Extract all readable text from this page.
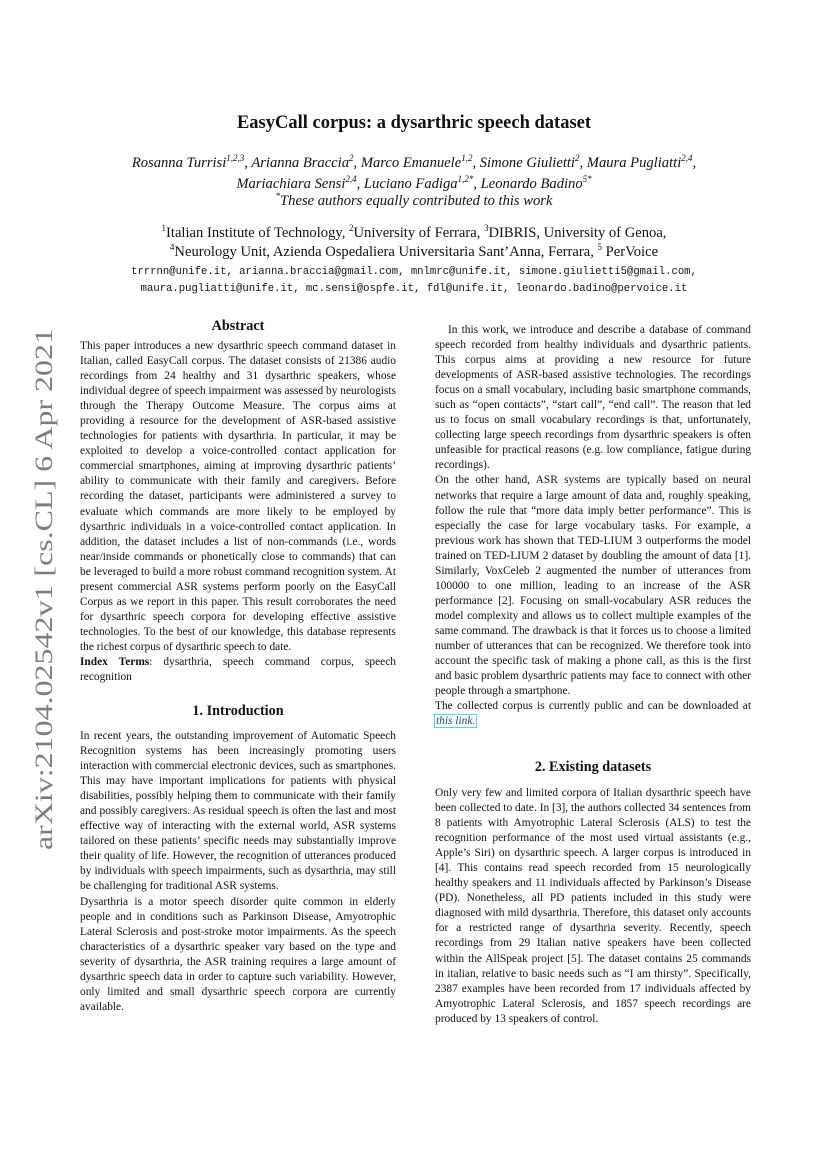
arXiv:2104.02542v1 [cs.CL] 6 Apr 2021
EasyCall corpus: a dysarthric speech dataset
Rosanna Turrisi$^{1,2,3}$, Arianna Braccia$^2$, Marco Emanuele$^{1,2}$, Simone Giulietti$^2$, Maura Pugliatti$^{2,4}$,
Mariachiara Sensi$^{2,4}$, Luciano Fadiga$^{1,2*}$, Leonardo Badino$^{5*}$
*These authors equally contributed to this work
$^1$Italian Institute of Technology, $^2$University of Ferrara, $^3$DIBRIS, University of Genoa,
$^4$Neurology Unit, Azienda Ospedaliera Universitaria Sant’Anna, Ferrara, $^5$ PerVoice
trrrnn@unife.it, arianna.braccia@gmail.com, mnlmrc@unife.it, simone.giulietti5@gmail.com,
maura.pugliatti@unife.it, mc.sensi@ospfe.it, fdl@unife.it, leonardo.badino@pervoice.it
Abstract

This paper introduces a new dysarthric speech command dataset in Italian, called EasyCall corpus. The dataset consists of 21386 audio recordings from 24 healthy and 31 dysarthric speakers, whose individual degree of speech impairment was assessed by neurologists through the Therapy Outcome Measure. The corpus aims at providing a resource for the development of ASR-based assistive technologies for patients with dysarthria. In particular, it may be exploited to develop a voice-controlled contact application for commercial smartphones, aiming at improving dysarthric patients’ ability to communicate with their family and caregivers. Before recording the dataset, participants were administered a survey to evaluate which commands are more likely to be employed by dysarthric individuals in a voice-controlled contact application. In addition, the dataset includes a list of non-commands (i.e., words near/inside commands or phonetically close to commands) that can be leveraged to build a more robust command recognition system. At present commercial ASR systems perform poorly on the EasyCall Corpus as we report in this paper. This result corroborates the need for dysarthric speech corpora for developing effective assistive technologies. To the best of our knowledge, this database represents the richest corpus of dysarthric speech to date.

Index Terms: dysarthria, speech command corpus, speech recognition

1. Introduction

In recent years, the outstanding improvement of Automatic Speech Recognition systems has been increasingly promoting users interaction with commercial electronic devices, such as smartphones. This may have important implications for patients with physical disabilities, possibly helping them to communicate with their family and possibly caregivers. As residual speech is often the last and most effective way of interacting with the external world, ASR systems tailored on these patients’ specific needs may substantially improve their quality of life. However, the recognition of utterances produced by individuals with speech impairments, such as dysarthria, may still be challenging for traditional ASR systems.

Dysarthria is a motor speech disorder quite common in elderly people and in conditions such as Parkinson Disease, Amyotrophic Lateral Sclerosis and post-stroke motor impairments. As the speech characteristics of a dysarthric speaker vary based on the type and severity of dysarthria, the ASR training requires a large amount of dysarthric speech data in order to capture such variability. However, only limited and small dysarthric speech corpora are currently available.

In this work, we introduce and describe a database of command speech recorded from healthy individuals and dysarthric patients. This corpus aims at providing a new resource for future developments of ASR-based assistive technologies. The recordings focus on a small vocabulary, including basic smartphone commands, such as “open contacts”, “start call”, “end call”. The reason that led us to focus on small vocabulary recordings is that, unfortunately, collecting large speech recordings from dysarthric speakers is often unfeasible for practical reasons (e.g. low compliance, fatigue during recordings).

On the other hand, ASR systems are typically based on neural networks that require a large amount of data and, roughly speaking, follow the rule that “more data imply better performance”. This is especially the case for large vocabulary tasks. For example, a previous work has shown that TED-LIUM 3 outperforms the model trained on TED-LIUM 2 dataset by doubling the amount of data [1]. Similarly, VoxCeleb 2 augmented the number of utterances from 100000 to one million, leading to an increase of the ASR performance [2]. Focusing on small-vocabulary ASR reduces the model complexity and allows us to collect multiple examples of the same command. The drawback is that it forces us to choose a limited number of utterances that can be recognized. We therefore took into account the specific task of making a phone call, as this is the first and basic problem dysarthric patients may face to connect with other people through a smartphone.

The collected corpus is currently public and can be downloaded at this link.

2. Existing datasets

Only very few and limited corpora of Italian dysarthric speech have been collected to date. In [3], the authors collected 34 sentences from 8 patients with Amyotrophic Lateral Sclerosis (ALS) to test the recognition performance of the most used virtual assistants (e.g., Apple’s Siri) on dysarthric speech. A larger corpus is introduced in [4]. This contains read speech recorded from 15 neurologically healthy speakers and 11 individuals affected by Parkinson’s Disease (PD). Nonetheless, all PD patients included in this study were diagnosed with mild dysarthria. Therefore, this dataset only accounts for a restricted range of dysarthria severity. Recently, speech recordings from 29 Italian native speakers have been collected within the AllSpeak project [5]. The dataset contains 25 commands in italian, relative to basic needs such as “I am thirsty”. Specifically, 2387 examples have been recorded from 17 individuals affected by Amyotrophic Lateral Sclerosis, and 1857 speech recordings are produced by 13 speakers of control.
